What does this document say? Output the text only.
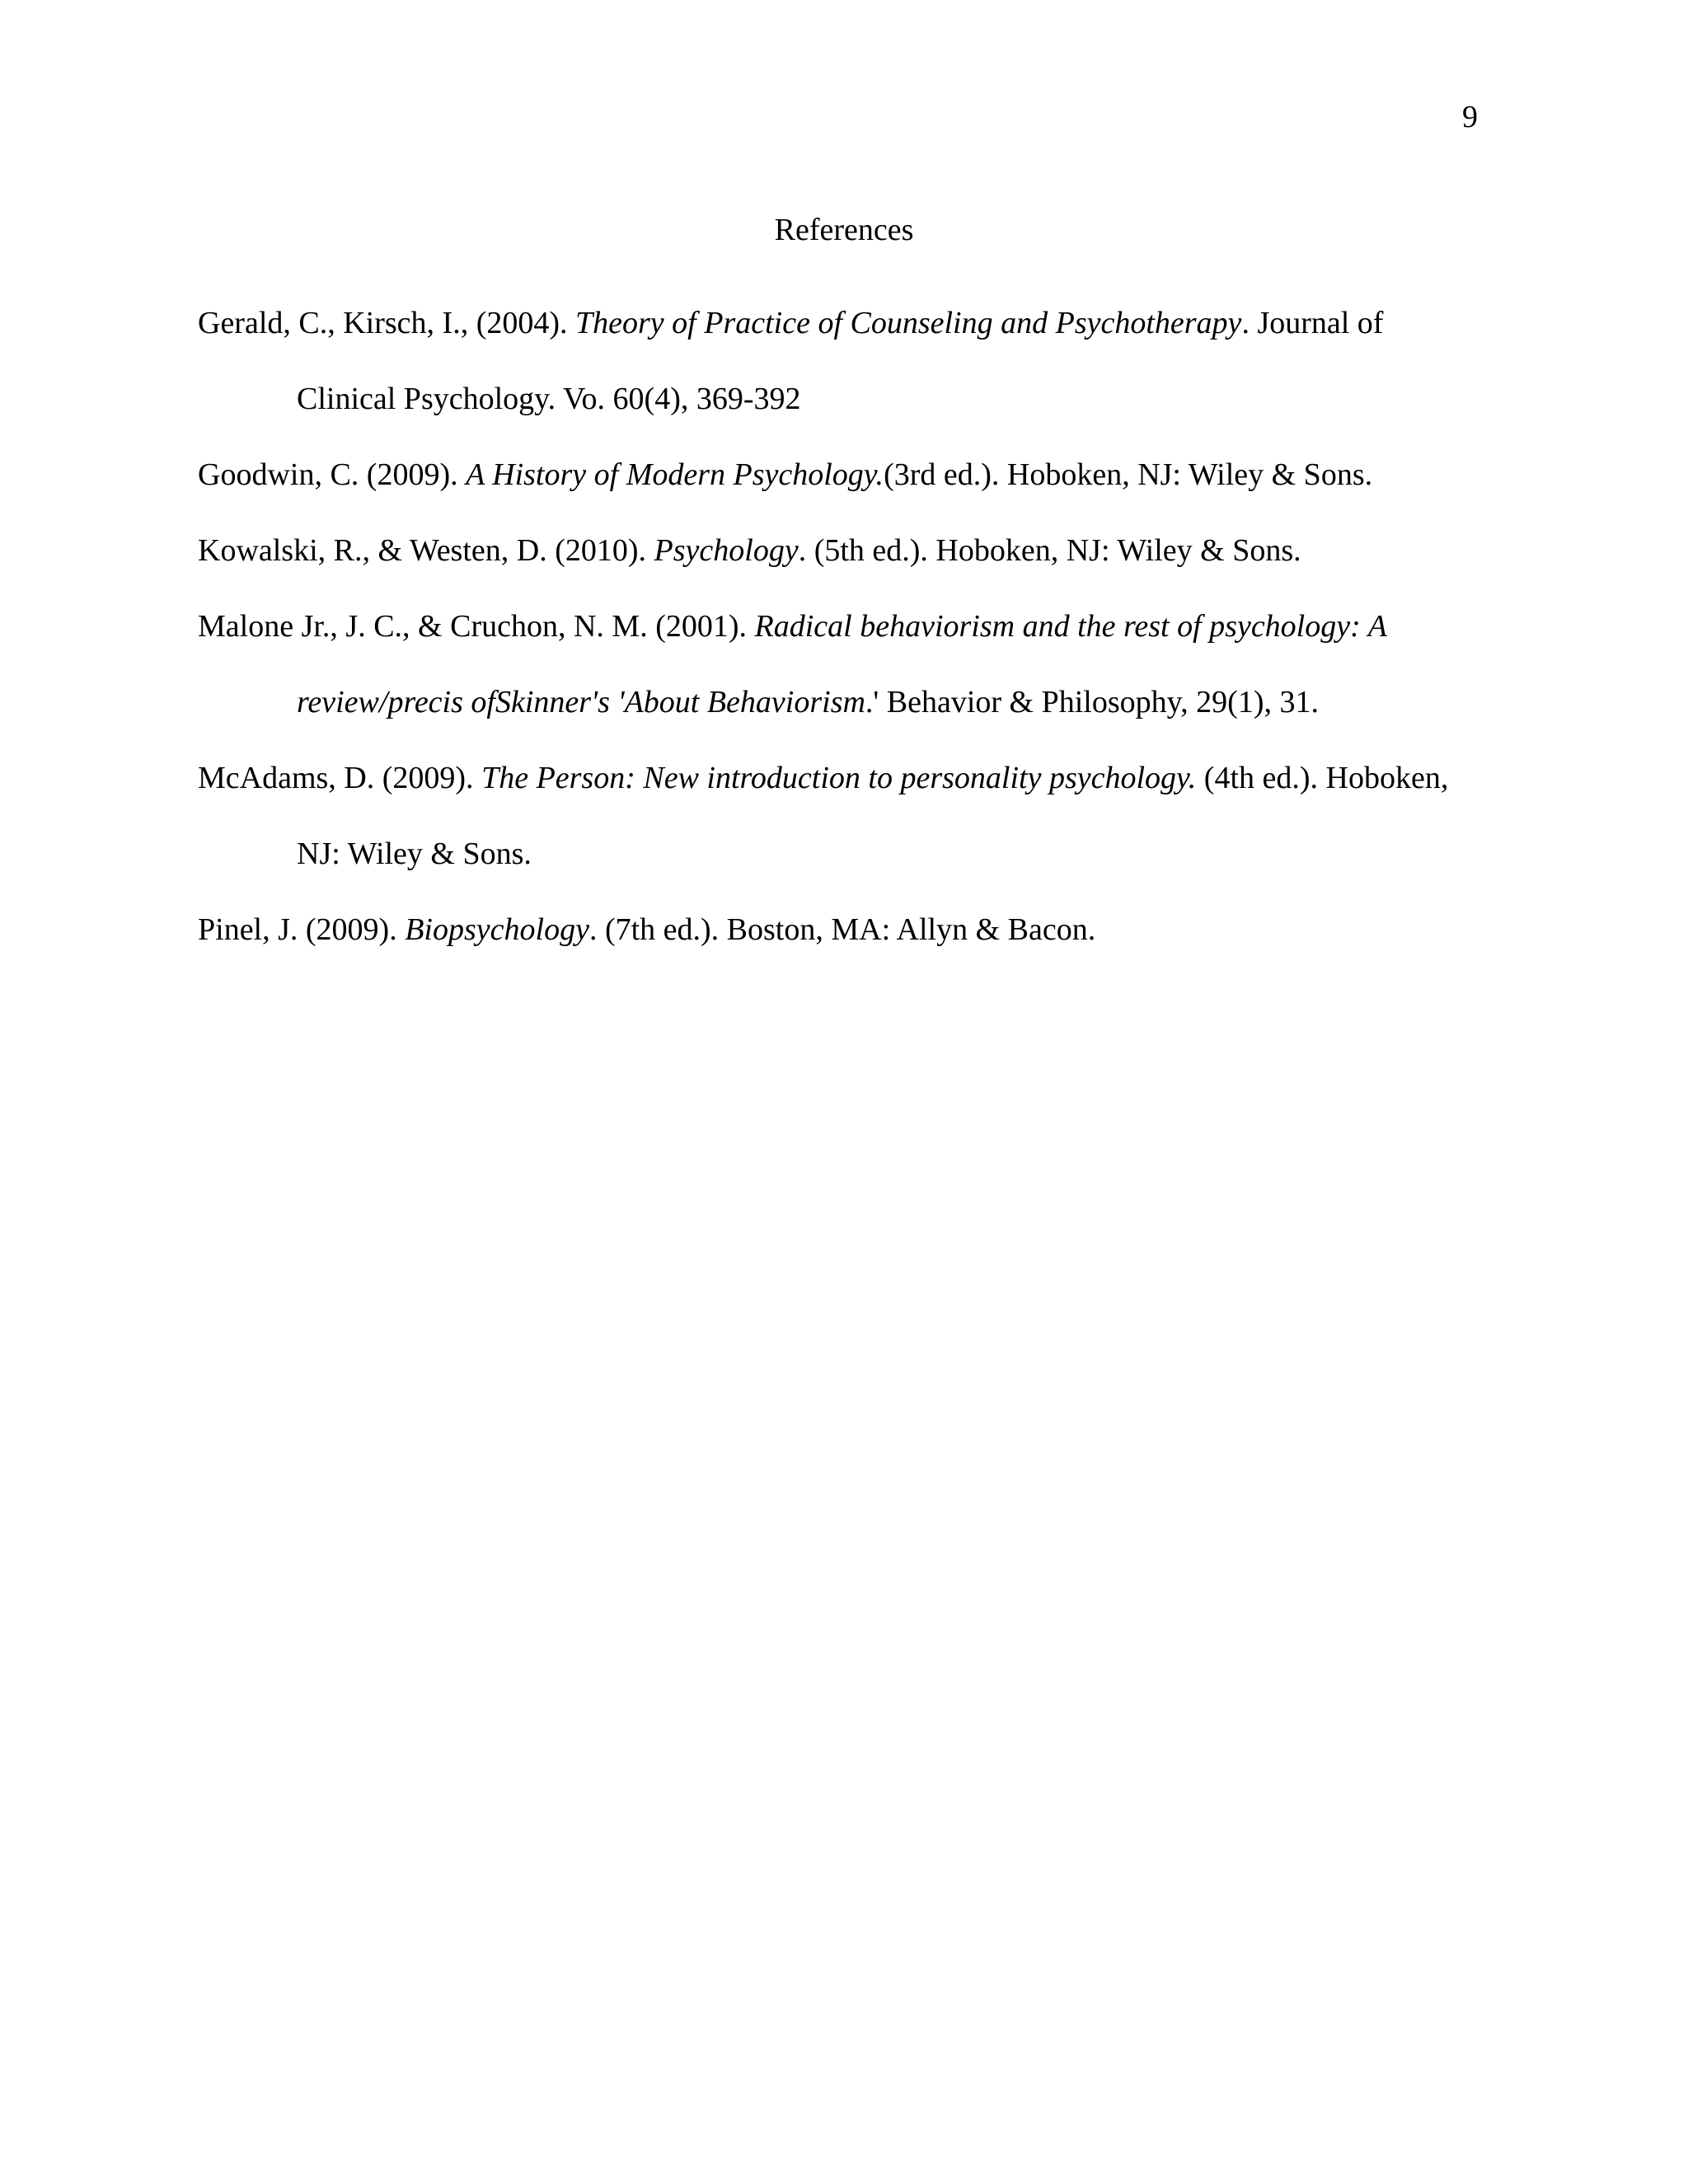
9
References
Gerald, C., Kirsch, I., (2004). Theory of Practice of Counseling and Psychotherapy. Journal of Clinical Psychology. Vo. 60(4), 369-392
Goodwin, C. (2009). A History of Modern Psychology.(3rd ed.). Hoboken, NJ: Wiley & Sons.
Kowalski, R., & Westen, D. (2010). Psychology. (5th ed.). Hoboken, NJ: Wiley & Sons.
Malone Jr., J. C., & Cruchon, N. M. (2001). Radical behaviorism and the rest of psychology: A review/precis ofSkinner's 'About Behaviorism.' Behavior & Philosophy, 29(1), 31.
McAdams, D. (2009). The Person: New introduction to personality psychology. (4th ed.). Hoboken, NJ: Wiley & Sons.
Pinel, J. (2009). Biopsychology. (7th ed.). Boston, MA: Allyn & Bacon.
